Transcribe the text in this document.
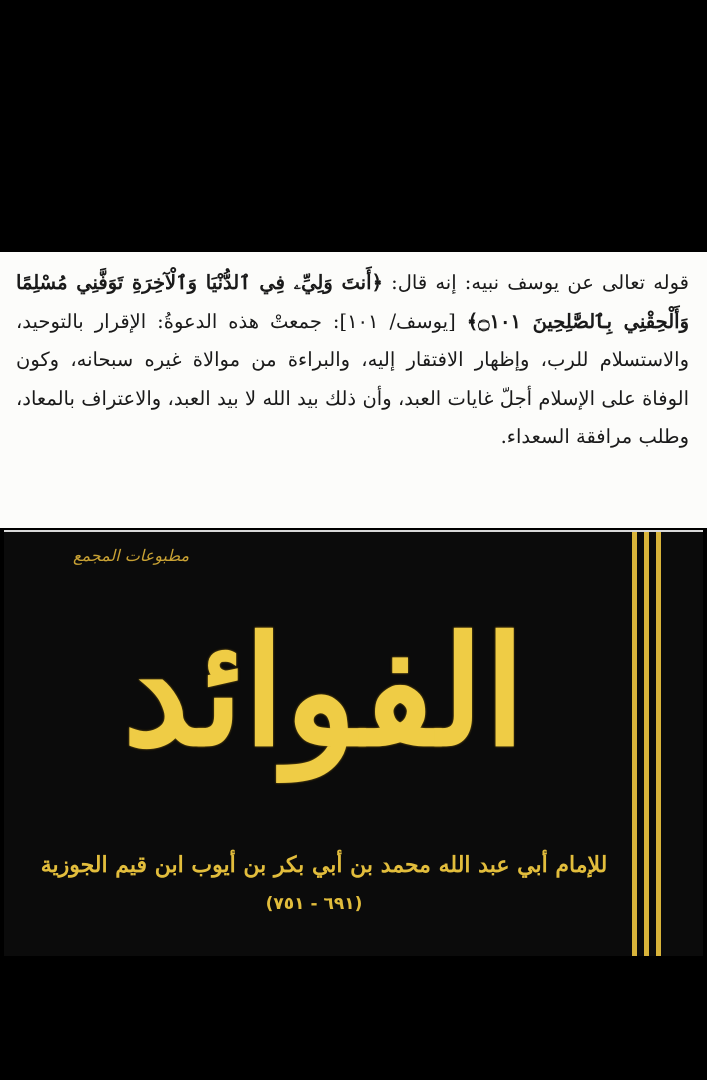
قوله تعالى عن يوسف نبيه: إنه قال: ﴿أَنتَ وَلِيِّۦ فِي ٱلدُّنْيَا وَٱلْآخِرَةِ تَوَفَّنِي مُسْلِمًا وَأَلْحِقْنِي بِٱلصَّٰلِحِينَ ۝١٠١﴾ [يوسف/ ١٠١]: جمعتْ هذه الدعوةُ: الإقرار بالتوحيد، والاستسلام للرب، وإظهار الافتقار إليه، والبراءة من موالاة غيره سبحانه، وكون الوفاة على الإسلام أجلّ غايات العبد، وأن ذلك بيد الله لا بيد العبد، والاعتراف بالمعاد، وطلب مرافقة السعداء.

مطبوعات المجمع
الفوائد
للإمام أبي عبد الله محمد بن أبي بكر بن أيوب ابن قيم الجوزية
(٦٩١ - ٧٥١)
